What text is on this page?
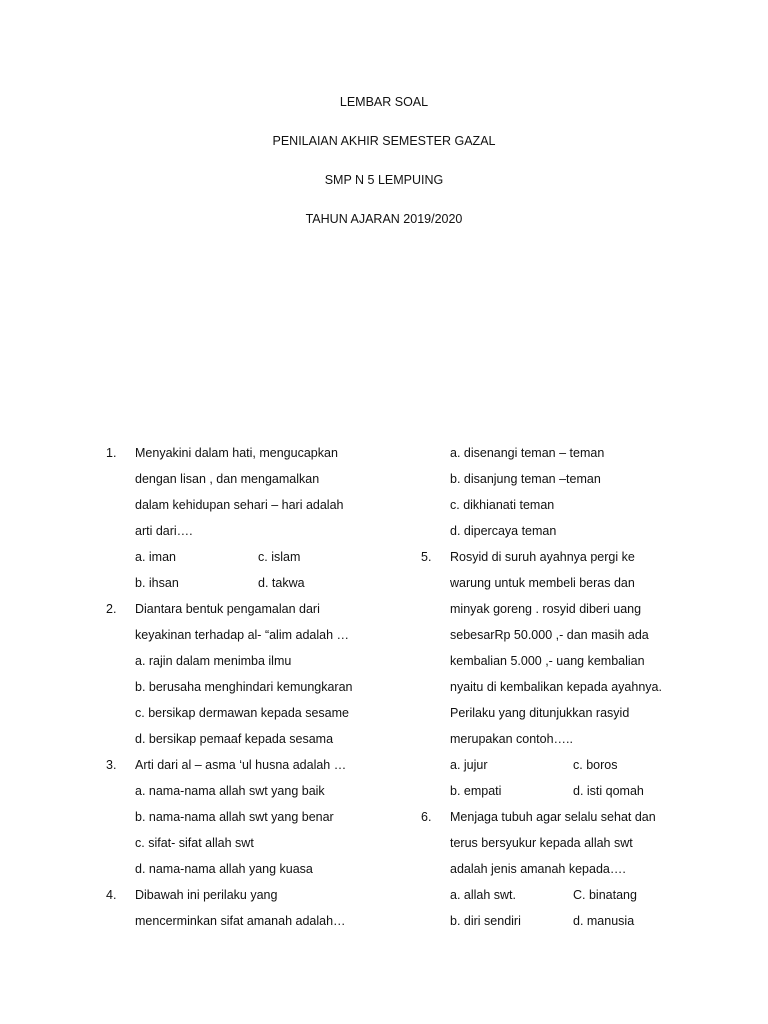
LEMBAR SOAL
PENILAIAN AKHIR SEMESTER GAZAL
SMP N 5 LEMPUING
TAHUN AJARAN 2019/2020
1.	Menyakini dalam hati, mengucapkan
dengan lisan , dan mengamalkan
dalam kehidupan sehari – hari adalah
arti dari….
a. iman	c. islam
b. ihsan	d. takwa
2.	Diantara bentuk pengamalan dari
keyakinan terhadap al- “alim adalah …
a. rajin dalam menimba ilmu
b. berusaha menghindari kemungkaran
c. bersikap dermawan kepada sesame
d. bersikap pemaaf kepada sesama
3.	Arti dari al – asma ‘ul husna adalah …
a. nama-nama allah swt yang baik
b. nama-nama allah swt yang benar
c. sifat- sifat allah swt
d. nama-nama allah yang kuasa
4.	Dibawah ini perilaku yang
mencerminkan sifat amanah adalah…
a. disenangi teman – teman
b. disanjung teman –teman
c. dikhianati teman
d. dipercaya teman
5.	Rosyid di suruh ayahnya pergi ke
warung untuk membeli beras dan
minyak goreng . rosyid diberi uang
sebesarRp 50.000 ,- dan masih ada
kembalian 5.000 ,- uang kembalian
nyaitu di kembalikan kepada ayahnya.
Perilaku yang ditunjukkan rasyid
merupakan contoh…..
a. jujur	c. boros
b. empati	d. isti qomah
6.	Menjaga tubuh agar selalu sehat dan
terus bersyukur kepada allah swt
adalah jenis amanah kepada….
a. allah swt.	C. binatang
b. diri sendiri	d. manusia
